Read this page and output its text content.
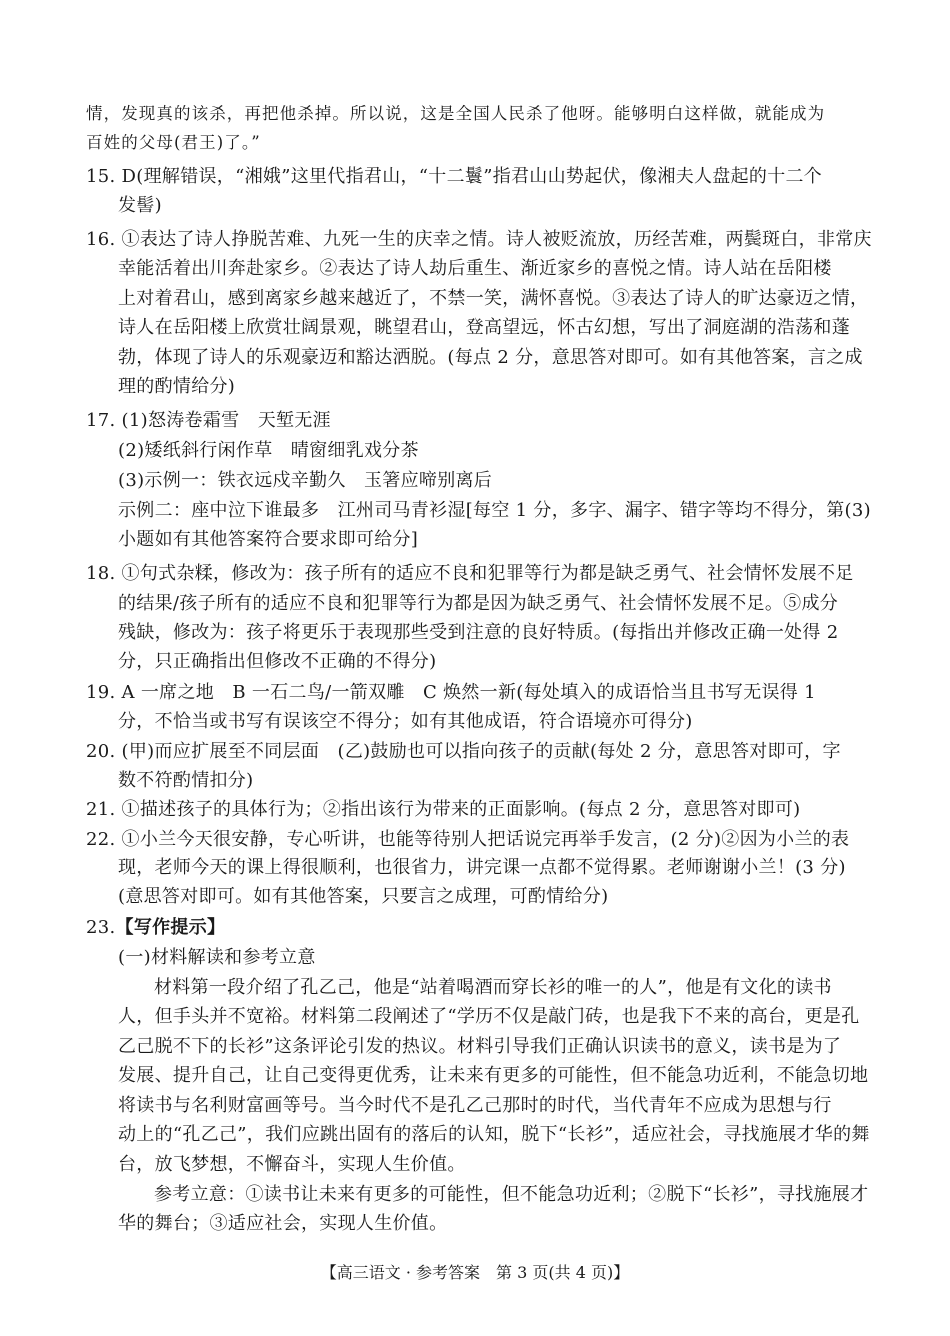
情，发现真的该杀，再把他杀掉。所以说，这是全国人民杀了他呀。能够明白这样做，就能成为
百姓的父母(君王)了。”
15. D(理解错误，“湘娥”这里代指君山，“十二鬟”指君山山势起伏，像湘夫人盘起的十二个
发髻)
16. ①表达了诗人挣脱苦难、九死一生的庆幸之情。诗人被贬流放，历经苦难，两鬓斑白，非常庆
幸能活着出川奔赴家乡。②表达了诗人劫后重生、渐近家乡的喜悦之情。诗人站在岳阳楼
上对着君山，感到离家乡越来越近了，不禁一笑，满怀喜悦。③表达了诗人的旷达豪迈之情，
诗人在岳阳楼上欣赏壮阔景观，眺望君山，登高望远，怀古幻想，写出了洞庭湖的浩荡和蓬
勃，体现了诗人的乐观豪迈和豁达洒脱。(每点 2 分，意思答对即可。如有其他答案，言之成
理的酌情给分)
17. (1)怒涛卷霜雪　天堑无涯
(2)矮纸斜行闲作草　晴窗细乳戏分茶
(3)示例一：铁衣远戍辛勤久　玉箸应啼别离后
示例二：座中泣下谁最多　江州司马青衫湿[每空 1 分，多字、漏字、错字等均不得分，第(3)
小题如有其他答案符合要求即可给分]
18. ①句式杂糅，修改为：孩子所有的适应不良和犯罪等行为都是缺乏勇气、社会情怀发展不足
的结果/孩子所有的适应不良和犯罪等行为都是因为缺乏勇气、社会情怀发展不足。⑤成分
残缺，修改为：孩子将更乐于表现那些受到注意的良好特质。(每指出并修改正确一处得 2
分，只正确指出但修改不正确的不得分)
19. A 一席之地　B 一石二鸟/一箭双雕　C 焕然一新(每处填入的成语恰当且书写无误得 1
分，不恰当或书写有误该空不得分；如有其他成语，符合语境亦可得分)
20. (甲)而应扩展至不同层面　(乙)鼓励也可以指向孩子的贡献(每处 2 分，意思答对即可，字
数不符酌情扣分)
21. ①描述孩子的具体行为；②指出该行为带来的正面影响。(每点 2 分，意思答对即可)
22. ①小兰今天很安静，专心听讲，也能等待别人把话说完再举手发言，(2 分)②因为小兰的表
现，老师今天的课上得很顺利，也很省力，讲完课一点都不觉得累。老师谢谢小兰！(3 分)
(意思答对即可。如有其他答案，只要言之成理，可酌情给分)
23.【写作提示】
(一)材料解读和参考立意
材料第一段介绍了孔乙己，他是“站着喝酒而穿长衫的唯一的人”，他是有文化的读书
人，但手头并不宽裕。材料第二段阐述了“学历不仅是敲门砖，也是我下不来的高台，更是孔
乙己脱不下的长衫”这条评论引发的热议。材料引导我们正确认识读书的意义，读书是为了
发展、提升自己，让自己变得更优秀，让未来有更多的可能性，但不能急功近利，不能急切地
将读书与名利财富画等号。当今时代不是孔乙己那时的时代，当代青年不应成为思想与行
动上的“孔乙己”，我们应跳出固有的落后的认知，脱下“长衫”，适应社会，寻找施展才华的舞
台，放飞梦想，不懈奋斗，实现人生价值。
参考立意：①读书让未来有更多的可能性，但不能急功近利；②脱下“长衫”，寻找施展才
华的舞台；③适应社会，实现人生价值。
【高三语文 · 参考答案　第 3 页(共 4 页)】
